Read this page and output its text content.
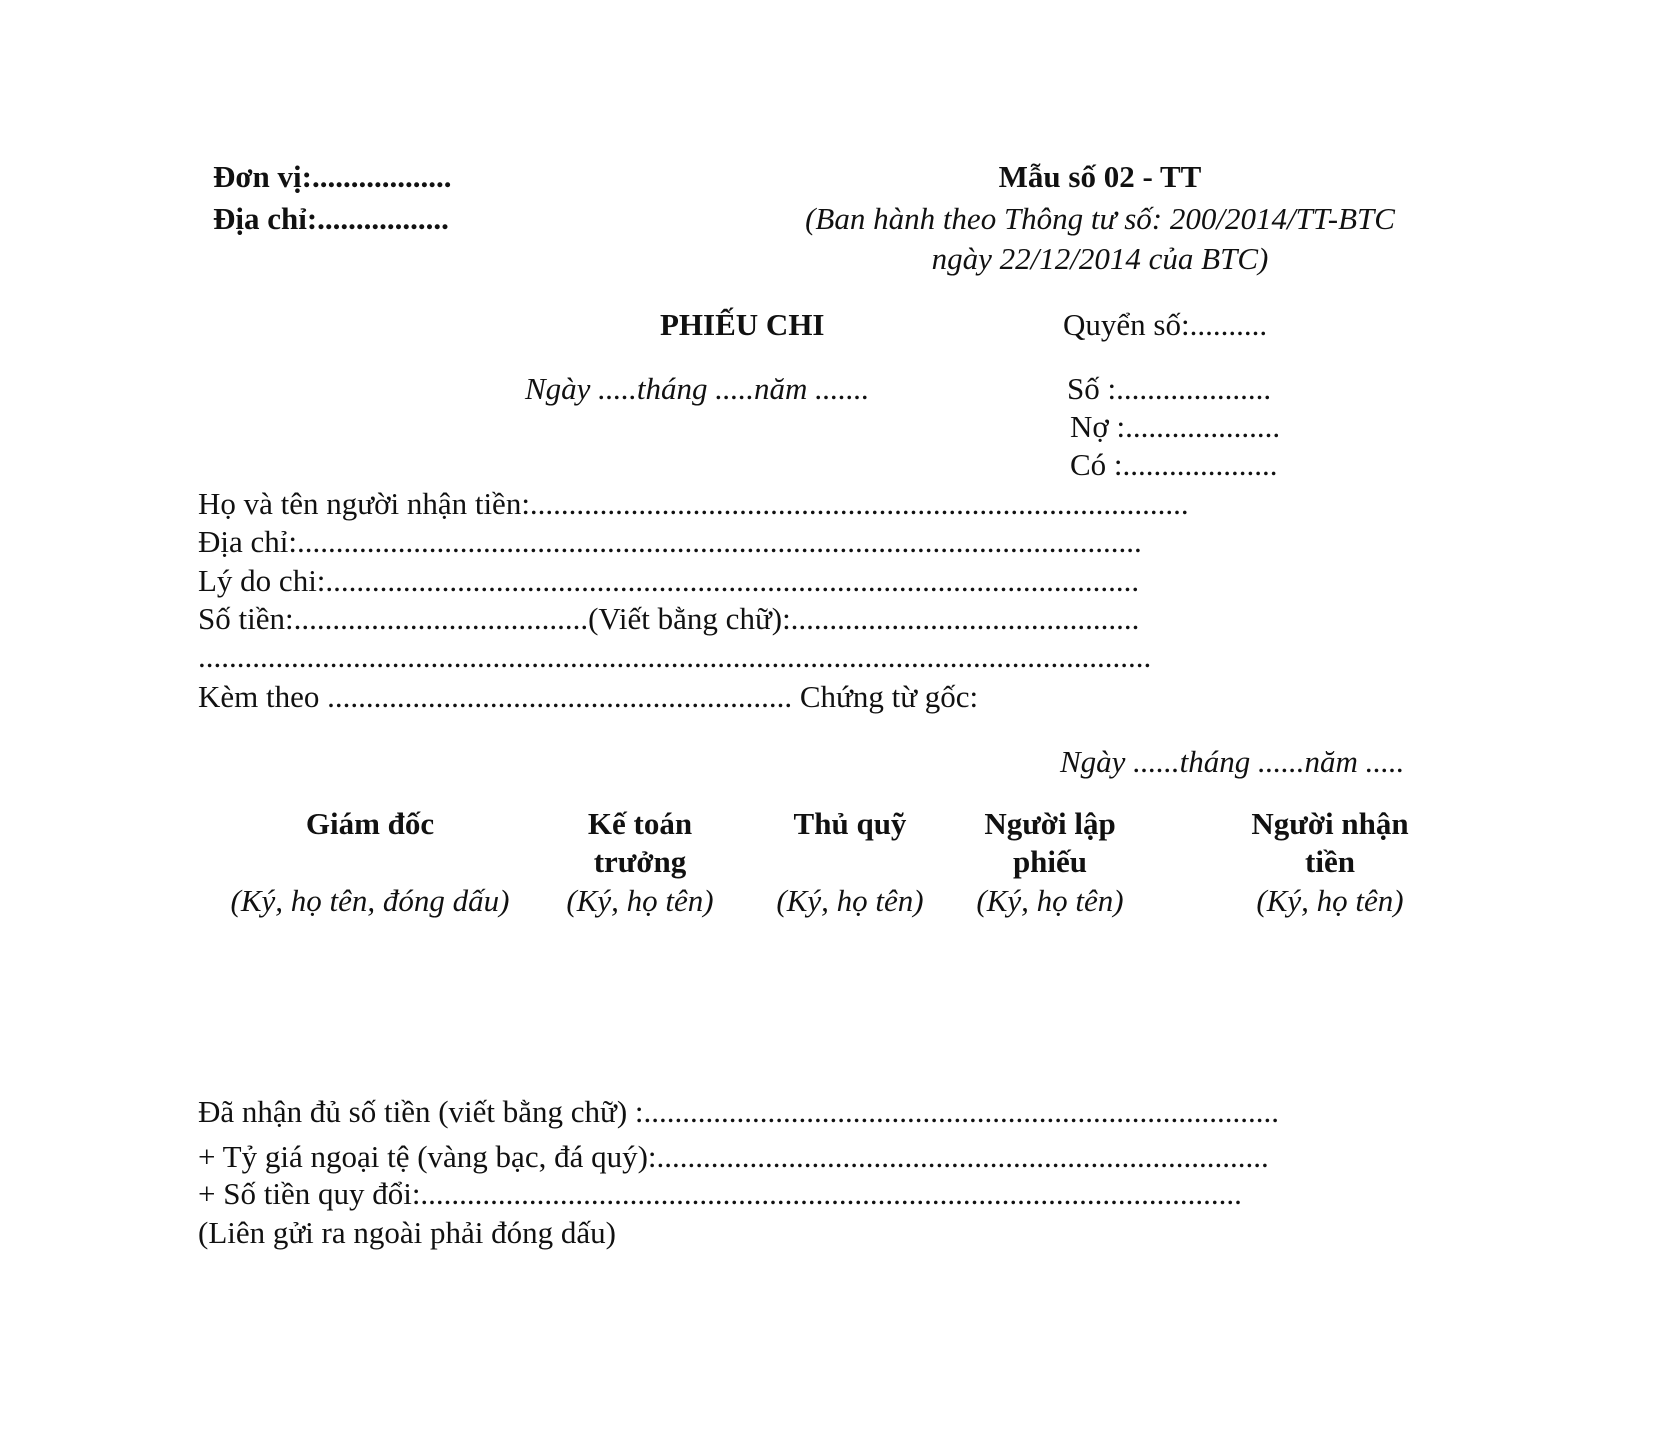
Đơn vị:..................
Địa chỉ:.................
Mẫu số 02 - TT
(Ban hành theo Thông tư số: 200/2014/TT-BTC
ngày 22/12/2014 của BTC)
PHIẾU CHI
Ngày .....tháng .....năm .......
Quyển số:..........
Số :....................
Nợ :....................
Có :....................
Họ và tên người nhận tiền:.....................................................................................
Địa chỉ:.............................................................................................................
Lý do chi:.........................................................................................................
Số tiền:......................................(Viết bằng chữ):.............................................
...........................................................................................................................
Kèm theo ............................................................ Chứng từ gốc:
Ngày ......tháng ......năm .....
Giám đốc
(Ký, họ tên, đóng dấu)
Kế toán
trưởng
(Ký, họ tên)
Thủ quỹ
(Ký, họ tên)
Người lập
phiếu
(Ký, họ tên)
Người nhận
tiền
(Ký, họ tên)
Đã nhận đủ số tiền (viết bằng chữ) :..................................................................................
+ Tỷ giá ngoại tệ (vàng bạc, đá quý):...............................................................................
+ Số tiền quy đổi:..........................................................................................................
(Liên gửi ra ngoài phải đóng dấu)
